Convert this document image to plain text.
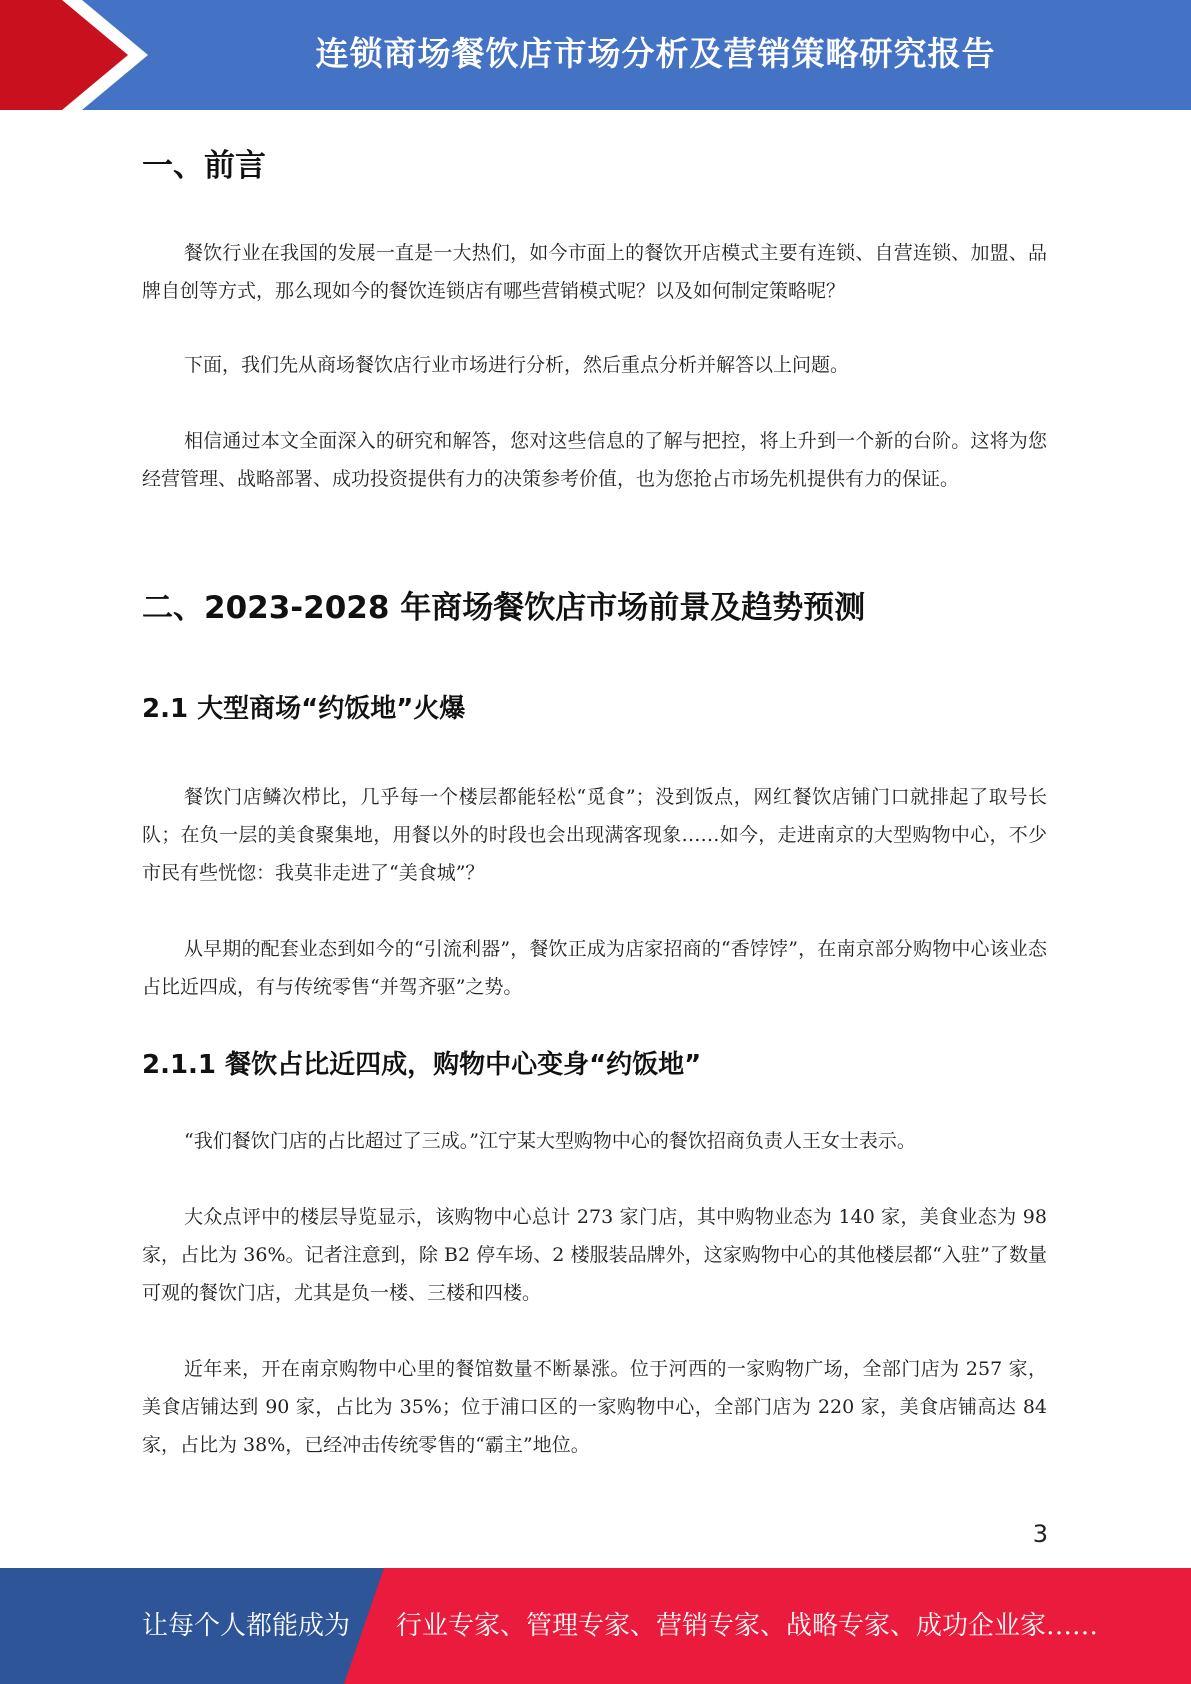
连锁商场餐饮店市场分析及营销策略研究报告
一、前言

餐饮行业在我国的发展一直是一大热们，如今市面上的餐饮开店模式主要有连锁、自营连锁、加盟、品牌自创等方式，那么现如今的餐饮连锁店有哪些营销模式呢？以及如何制定策略呢？

下面，我们先从商场餐饮店行业市场进行分析，然后重点分析并解答以上问题。

相信通过本文全面深入的研究和解答，您对这些信息的了解与把控，将上升到一个新的台阶。这将为您经营管理、战略部署、成功投资提供有力的决策参考价值，也为您抢占市场先机提供有力的保证。

二、2023-2028 年商场餐饮店市场前景及趋势预测
2.1 大型商场“约饭地”火爆

餐饮门店鳞次栉比，几乎每一个楼层都能轻松“觅食”；没到饭点，网红餐饮店铺门口就排起了取号长队；在负一层的美食聚集地，用餐以外的时段也会出现满客现象……如今，走进南京的大型购物中心，不少市民有些恍惚：我莫非走进了“美食城”？

从早期的配套业态到如今的“引流利器”，餐饮正成为店家招商的“香饽饽”，在南京部分购物中心该业态占比近四成，有与传统零售“并驾齐驱”之势。

2.1.1 餐饮占比近四成，购物中心变身“约饭地”

“我们餐饮门店的占比超过了三成。”江宁某大型购物中心的餐饮招商负责人王女士表示。

大众点评中的楼层导览显示，该购物中心总计 273 家门店，其中购物业态为 140 家，美食业态为 98 家，占比为 36%。记者注意到，除 B2 停车场、2 楼服装品牌外，这家购物中心的其他楼层都“入驻”了数量可观的餐饮门店，尤其是负一楼、三楼和四楼。

近年来，开在南京购物中心里的餐馆数量不断暴涨。位于河西的一家购物广场，全部门店为 257 家，美食店铺达到 90 家，占比为 35%；位于浦口区的一家购物中心，全部门店为 220 家，美食店铺高达 84 家，占比为 38%，已经冲击传统零售的“霸主”地位。

3
让每个人都能成为 行业专家、管理专家、营销专家、战略专家、成功企业家……
